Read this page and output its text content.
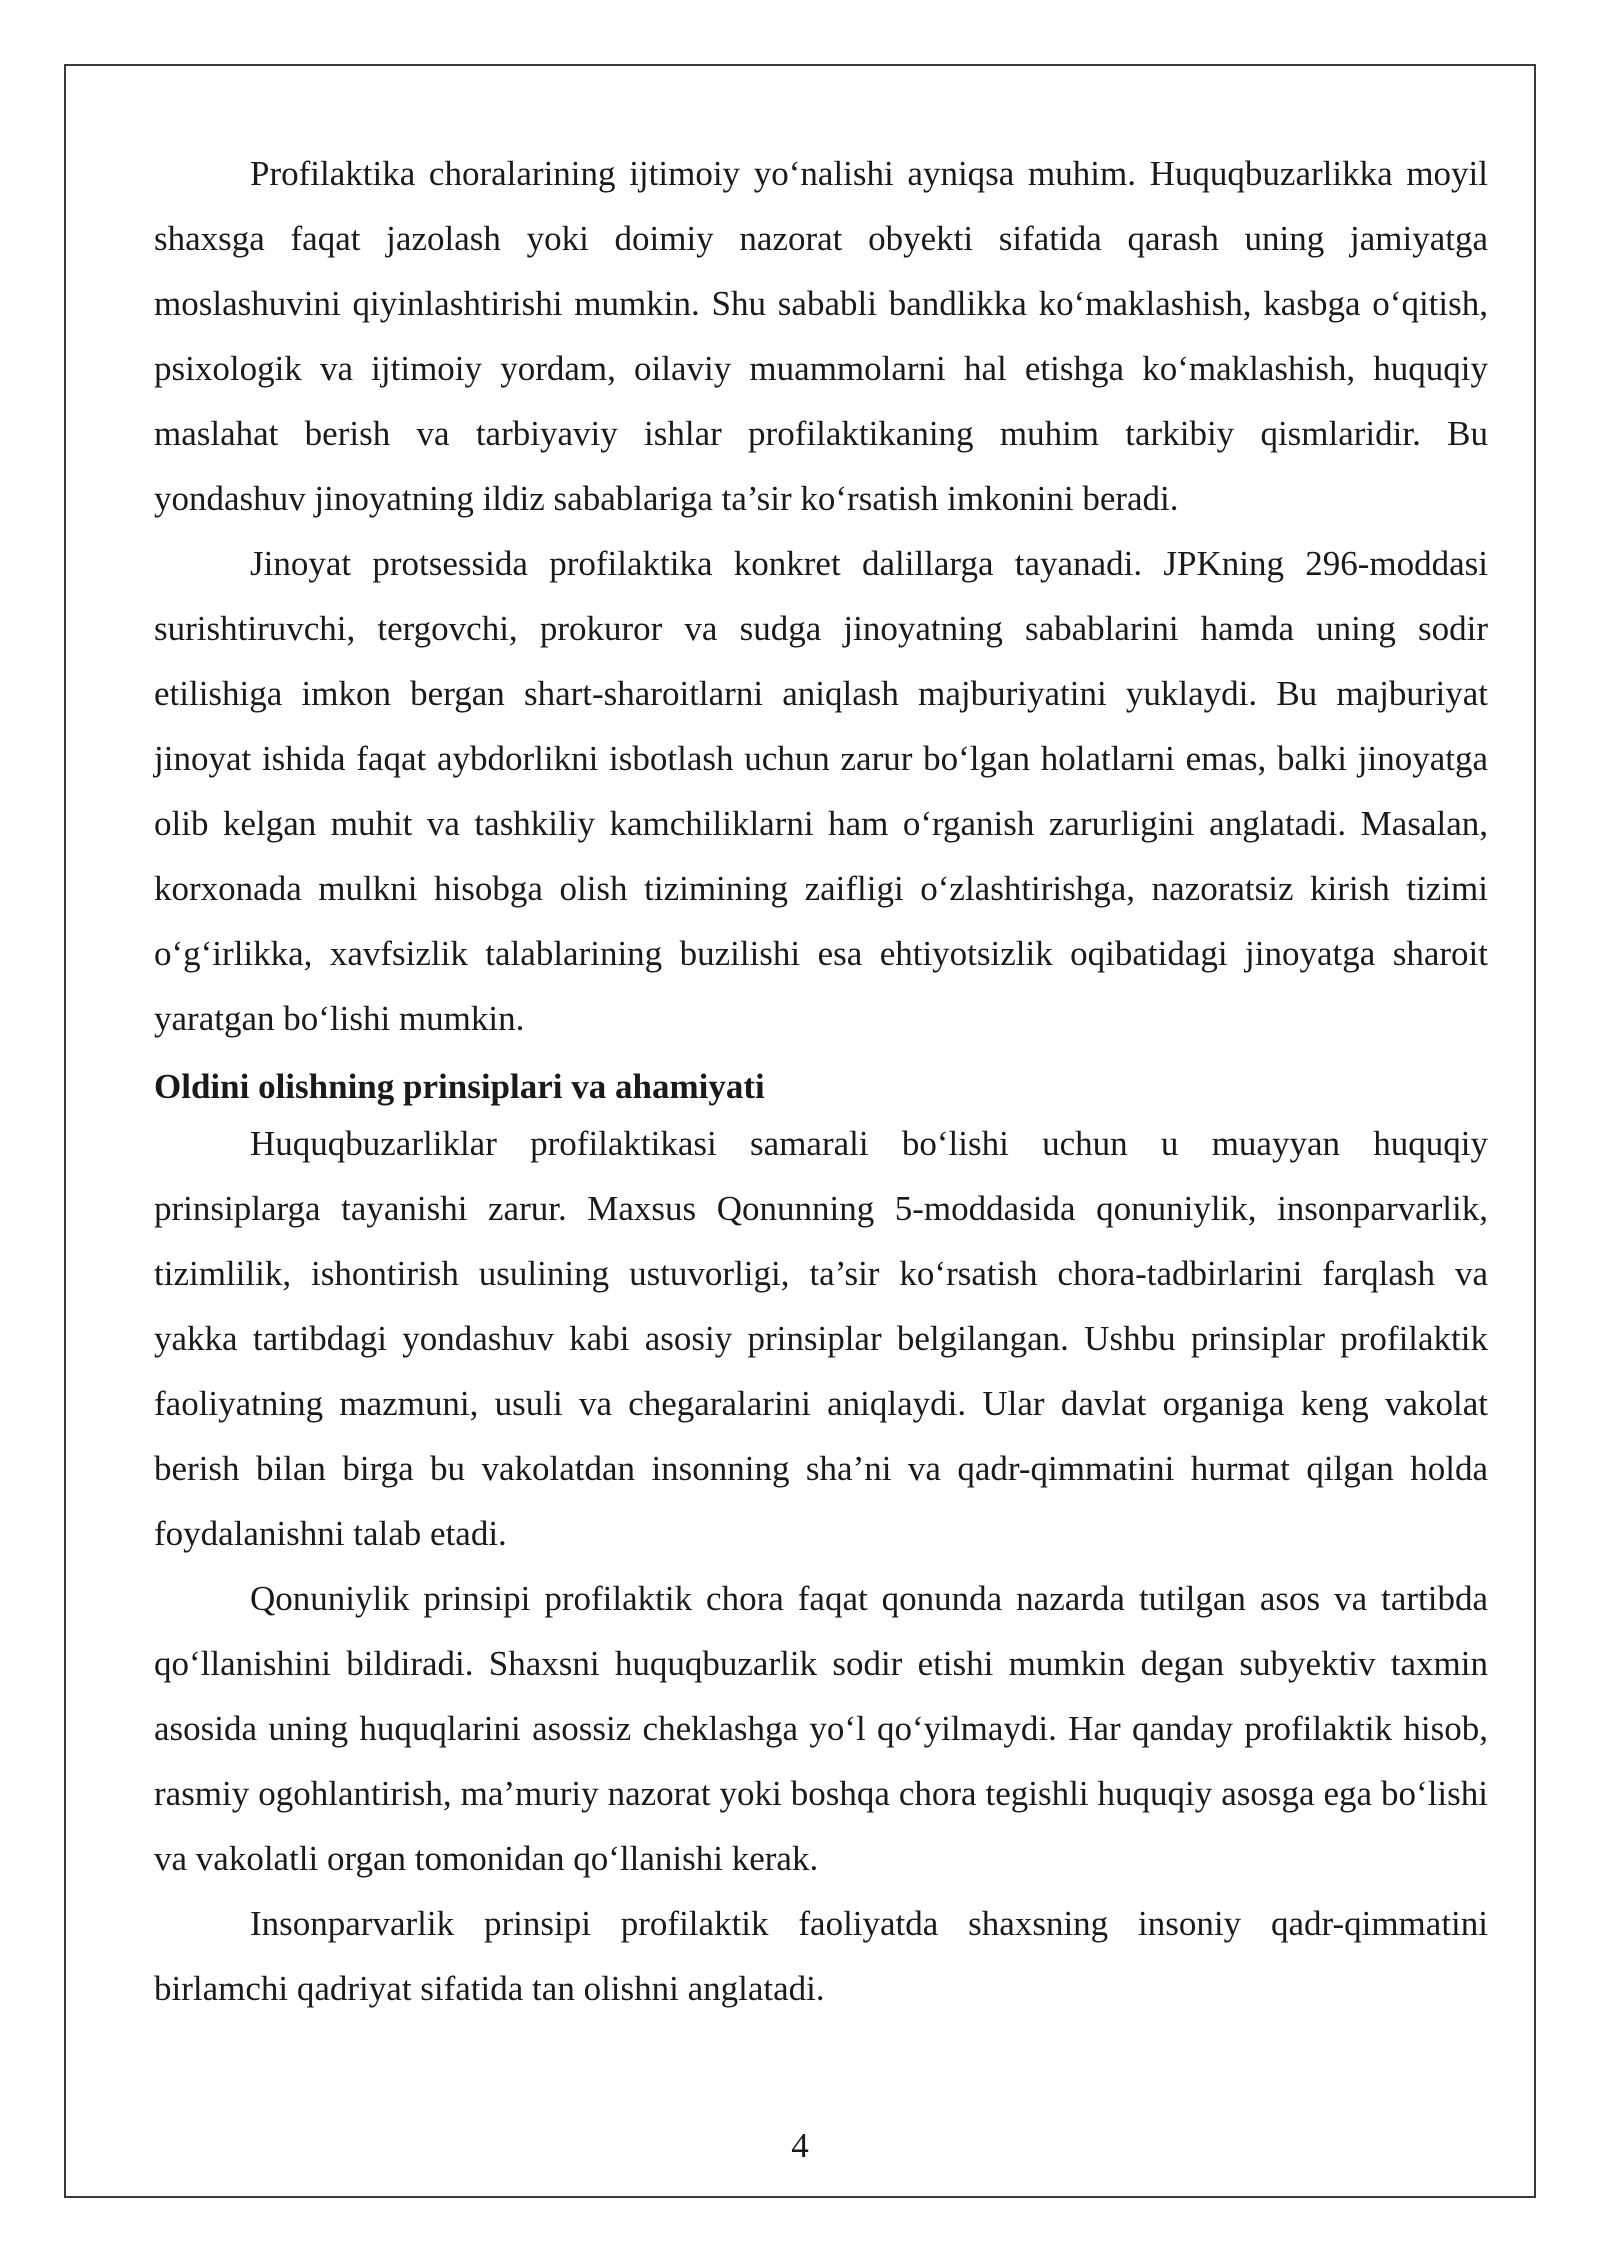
Profilaktika choralarining ijtimoiy yo‘nalishi ayniqsa muhim. Huquqbuzarlikka moyil shaxsga faqat jazolash yoki doimiy nazorat obyekti sifatida qarash uning jamiyatga moslashuvini qiyinlashtirishi mumkin. Shu sababli bandlikka ko‘maklashish, kasbga o‘qitish, psixologik va ijtimoiy yordam, oilaviy muammolarni hal etishga ko‘maklashish, huquqiy maslahat berish va tarbiyaviy ishlar profilaktikaning muhim tarkibiy qismlaridir. Bu yondashuv jinoyatning ildiz sabablariga ta’sir ko‘rsatish imkonini beradi.

Jinoyat protsessida profilaktika konkret dalillarga tayanadi. JPKning 296-moddasi surishtiruvchi, tergovchi, prokuror va sudga jinoyatning sabablarini hamda uning sodir etilishiga imkon bergan shart-sharoitlarni aniqlash majburiyatini yuklaydi. Bu majburiyat jinoyat ishida faqat aybdorlikni isbotlash uchun zarur bo‘lgan holatlarni emas, balki jinoyatga olib kelgan muhit va tashkiliy kamchiliklarni ham o‘rganish zarurligini anglatadi. Masalan, korxonada mulkni hisobga olish tizimining zaifligi o‘zlashtirishga, nazoratsiz kirish tizimi o‘g‘irlikka, xavfsizlik talablarining buzilishi esa ehtiyotsizlik oqibatidagi jinoyatga sharoit yaratgan bo‘lishi mumkin.

Oldini olishning prinsiplari va ahamiyati

Huquqbuzarliklar profilaktikasi samarali bo‘lishi uchun u muayyan huquqiy prinsiplarga tayanishi zarur. Maxsus Qonunning 5-moddasida qonuniylik, insonparvarlik, tizimlilik, ishontirish usulining ustuvorligi, ta’sir ko‘rsatish chora-tadbirlarini farqlash va yakka tartibdagi yondashuv kabi asosiy prinsiplar belgilangan. Ushbu prinsiplar profilaktik faoliyatning mazmuni, usuli va chegaralarini aniqlaydi. Ular davlat organiga keng vakolat berish bilan birga bu vakolatdan insonning sha’ni va qadr-qimmatini hurmat qilgan holda foydalanishni talab etadi.

Qonuniylik prinsipi profilaktik chora faqat qonunda nazarda tutilgan asos va tartibda qo‘llanishini bildiradi. Shaxsni huquqbuzarlik sodir etishi mumkin degan subyektiv taxmin asosida uning huquqlarini asossiz cheklashga yo‘l qo‘yilmaydi. Har qanday profilaktik hisob, rasmiy ogohlantirish, ma’muriy nazorat yoki boshqa chora tegishli huquqiy asosga ega bo‘lishi va vakolatli organ tomonidan qo‘llanishi kerak.

Insonparvarlik prinsipi profilaktik faoliyatda shaxsning insoniy qadr-qimmatini birlamchi qadriyat sifatida tan olishni anglatadi.

4
